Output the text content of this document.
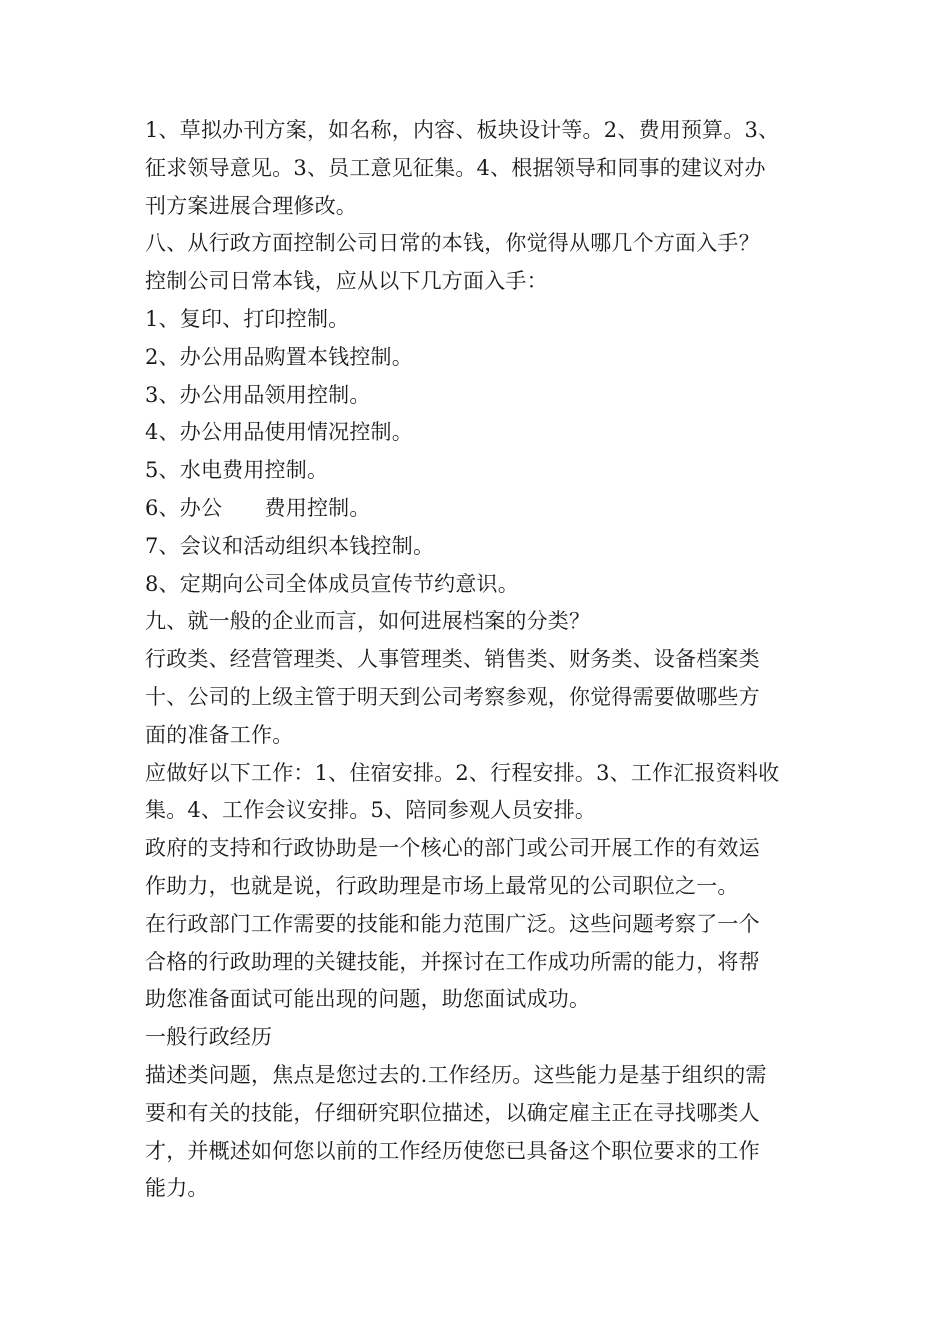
1、草拟办刊方案，如名称，内容、板块设计等。2、费用预算。3、
征求领导意见。3、员工意见征集。4、根据领导和同事的建议对办
刊方案进展合理修改。
八、从行政方面控制公司日常的本钱，你觉得从哪几个方面入手？
控制公司日常本钱，应从以下几方面入手：
1、复印、打印控制。
2、办公用品购置本钱控制。
3、办公用品领用控制。
4、办公用品使用情况控制。
5、水电费用控制。
6、办公　　费用控制。
7、会议和活动组织本钱控制。
8、定期向公司全体成员宣传节约意识。
九、就一般的企业而言，如何进展档案的分类？
行政类、经营管理类、人事管理类、销售类、财务类、设备档案类
十、公司的上级主管于明天到公司考察参观，你觉得需要做哪些方
面的准备工作。
应做好以下工作：1、住宿安排。2、行程安排。3、工作汇报资料收
集。4、工作会议安排。5、陪同参观人员安排。
政府的支持和行政协助是一个核心的部门或公司开展工作的有效运
作助力，也就是说，行政助理是市场上最常见的公司职位之一。
在行政部门工作需要的技能和能力范围广泛。这些问题考察了一个
合格的行政助理的关键技能，并探讨在工作成功所需的能力，将帮
助您准备面试可能出现的问题，助您面试成功。
一般行政经历
描述类问题，焦点是您过去的.工作经历。这些能力是基于组织的需
要和有关的技能，仔细研究职位描述，以确定雇主正在寻找哪类人
才，并概述如何您以前的工作经历使您已具备这个职位要求的工作
能力。
